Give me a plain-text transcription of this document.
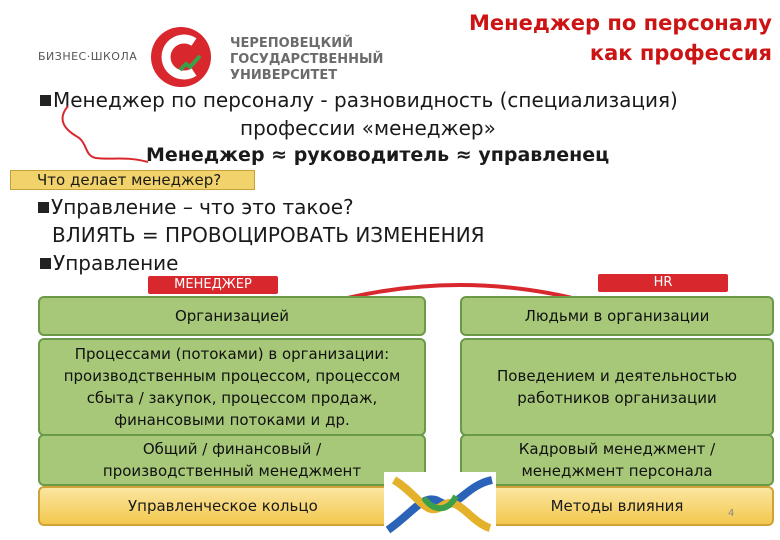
БИЗНЕС·ШКОЛА
ЧЕРЕПОВЕЦКИЙ
ГОСУДАРСТВЕННЫЙ
УНИВЕРСИТЕТ
Менеджер по персоналу
как профессия
Менеджер по персоналу - разновидность (специализация)
профессии «менеджер»
Менеджер ≈ руководитель ≈ управленец
Что делает менеджер?
Управление – что это такое?
ВЛИЯТЬ = ПРОВОЦИРОВАТЬ ИЗМЕНЕНИЯ
Управление
МЕНЕДЖЕР	HR
Организацией
Процессами (потоками) в организации: производственным процессом, процессом сбыта / закупок, процессом продаж, финансовыми потоками и др.
Общий / финансовый / производственный менеджмент
Управленческое кольцо
Людьми в организации
Поведением и деятельностью работников организации
Кадровый менеджмент / менеджмент персонала
Методы влияния	4
